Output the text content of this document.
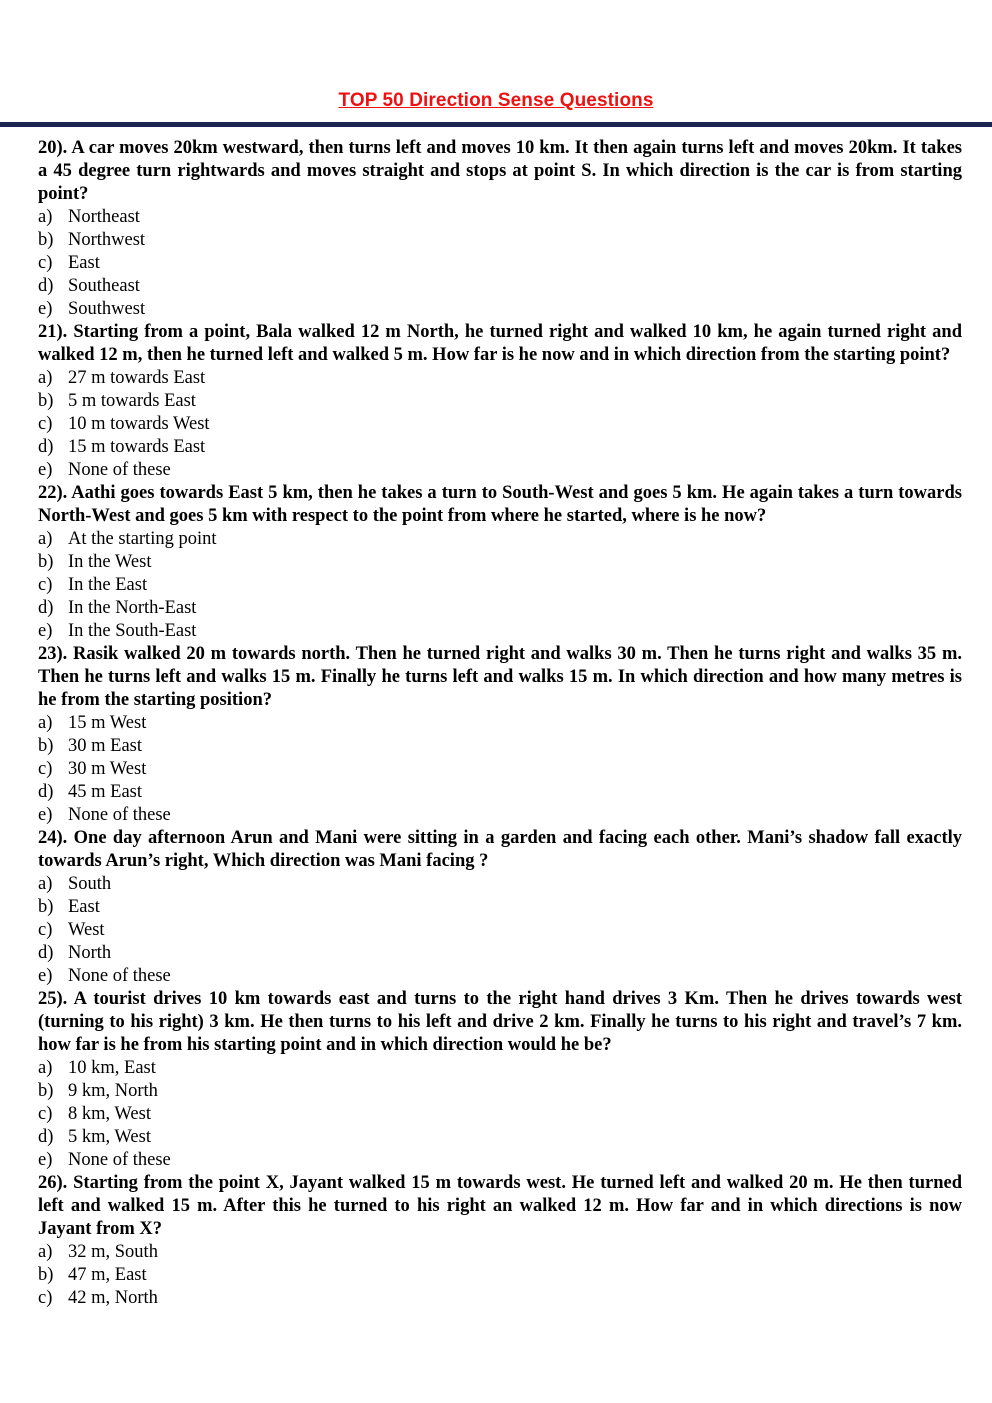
TOP 50 Direction Sense Questions
20). A car moves 20km westward, then turns left and moves 10 km. It then again turns left and moves 20km. It takes a 45 degree turn rightwards and moves straight and stops at point S. In which direction is the car is from starting point?
a) Northeast
b) Northwest
c) East
d) Southeast
e) Southwest
21). Starting from a point, Bala walked 12 m North, he turned right and walked 10 km, he again turned right and walked 12 m, then he turned left and walked 5 m. How far is he now and in which direction from the starting point?
a) 27 m towards East
b) 5 m towards East
c) 10 m towards West
d) 15 m towards East
e) None of these
22). Aathi goes towards East 5 km, then he takes a turn to South-West and goes 5 km. He again takes a turn towards North-West and goes 5 km with respect to the point from where he started, where is he now?
a) At the starting point
b) In the West
c) In the East
d) In the North-East
e) In the South-East
23). Rasik walked 20 m towards north. Then he turned right and walks 30 m. Then he turns right and walks 35 m. Then he turns left and walks 15 m. Finally he turns left and walks 15 m. In which direction and how many metres is he from the starting position?
a) 15 m West
b) 30 m East
c) 30 m West
d) 45 m East
e) None of these
24). One day afternoon Arun and Mani were sitting in a garden and facing each other. Mani’s shadow fall exactly towards Arun’s right, Which direction was Mani facing ?
a) South
b) East
c) West
d) North
e) None of these
25). A tourist drives 10 km towards east and turns to the right hand drives 3 Km. Then he drives towards west (turning to his right) 3 km. He then turns to his left and drive 2 km. Finally he turns to his right and travel’s 7 km. how far is he from his starting point and in which direction would he be?
a) 10 km, East
b) 9 km, North
c) 8 km, West
d) 5 km, West
e) None of these
26). Starting from the point X, Jayant walked 15 m towards west. He turned left and walked 20 m. He then turned left and walked 15 m. After this he turned to his right an walked 12 m. How far and in which directions is now Jayant from X?
a) 32 m, South
b) 47 m, East
c) 42 m, North
